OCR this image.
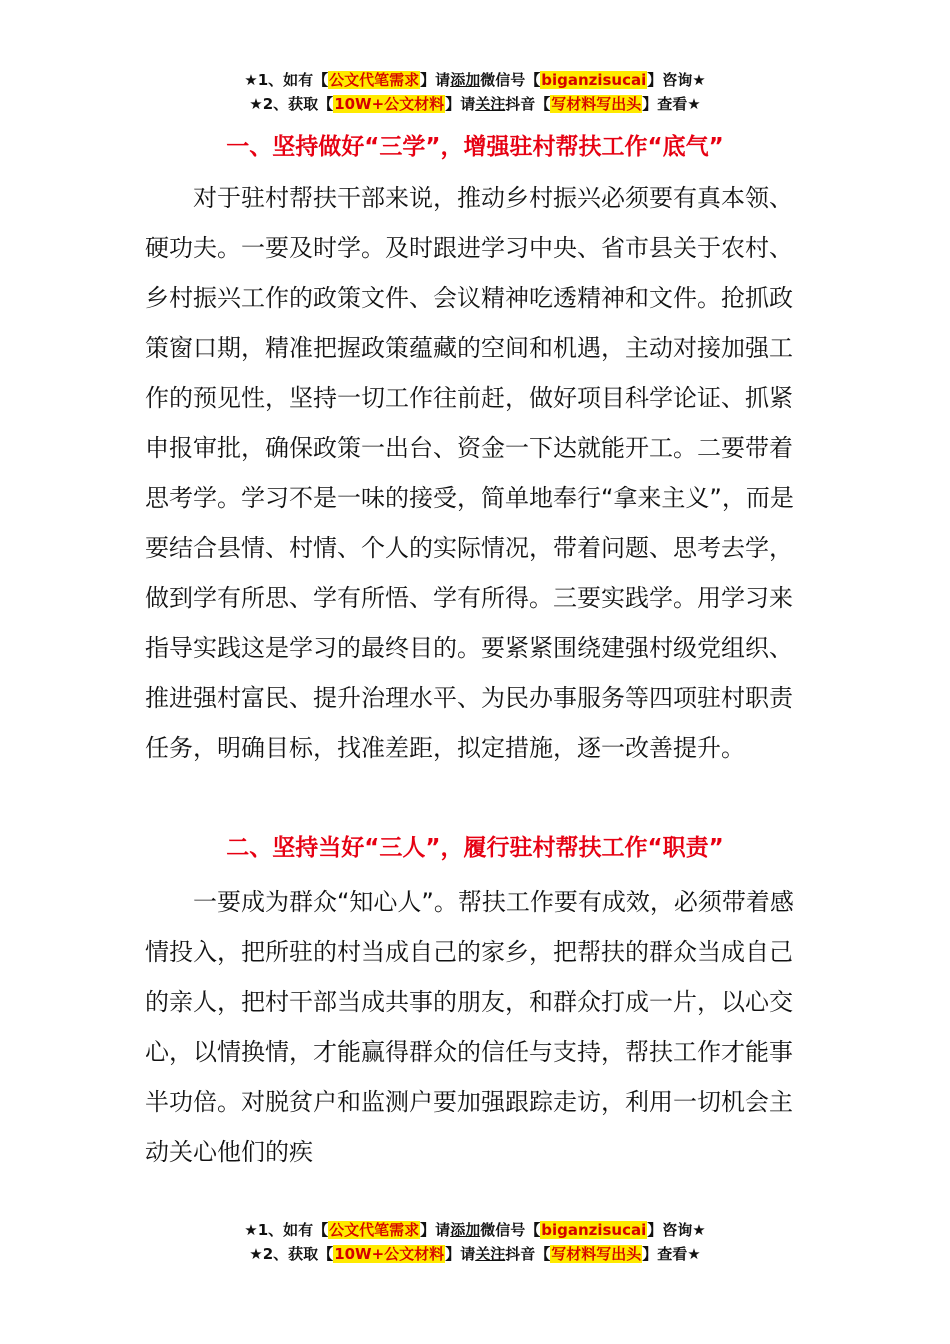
★1、如有【公文代笔需求】请添加微信号【biganzisucai】咨询★
★2、获取【10W+公文材料】请关注抖音【写材料写出头】查看★
一、坚持做好“三学”，增强驻村帮扶工作“底气”

对于驻村帮扶干部来说，推动乡村振兴必须要有真本领、硬功夫。一要及时学。及时跟进学习中央、省市县关于农村、乡村振兴工作的政策文件、会议精神吃透精神和文件。抢抓政策窗口期，精准把握政策蕴藏的空间和机遇，主动对接加强工作的预见性，坚持一切工作往前赶，做好项目科学论证、抓紧申报审批，确保政策一出台、资金一下达就能开工。二要带着思考学。学习不是一味的接受，简单地奉行“拿来主义”，而是要结合县情、村情、个人的实际情况，带着问题、思考去学，做到学有所思、学有所悟、学有所得。三要实践学。用学习来指导实践这是学习的最终目的。要紧紧围绕建强村级党组织、推进强村富民、提升治理水平、为民办事服务等四项驻村职责任务，明确目标，找准差距，拟定措施，逐一改善提升。

二、坚持当好“三人”，履行驻村帮扶工作“职责”

一要成为群众“知心人”。帮扶工作要有成效，必须带着感情投入，把所驻的村当成自己的家乡，把帮扶的群众当成自己的亲人，把村干部当成共事的朋友，和群众打成一片，以心交心，以情换情，才能赢得群众的信任与支持，帮扶工作才能事半功倍。对脱贫户和监测户要加强跟踪走访，利用一切机会主动关心他们的疾

★1、如有【公文代笔需求】请添加微信号【biganzisucai】咨询★
★2、获取【10W+公文材料】请关注抖音【写材料写出头】查看★
